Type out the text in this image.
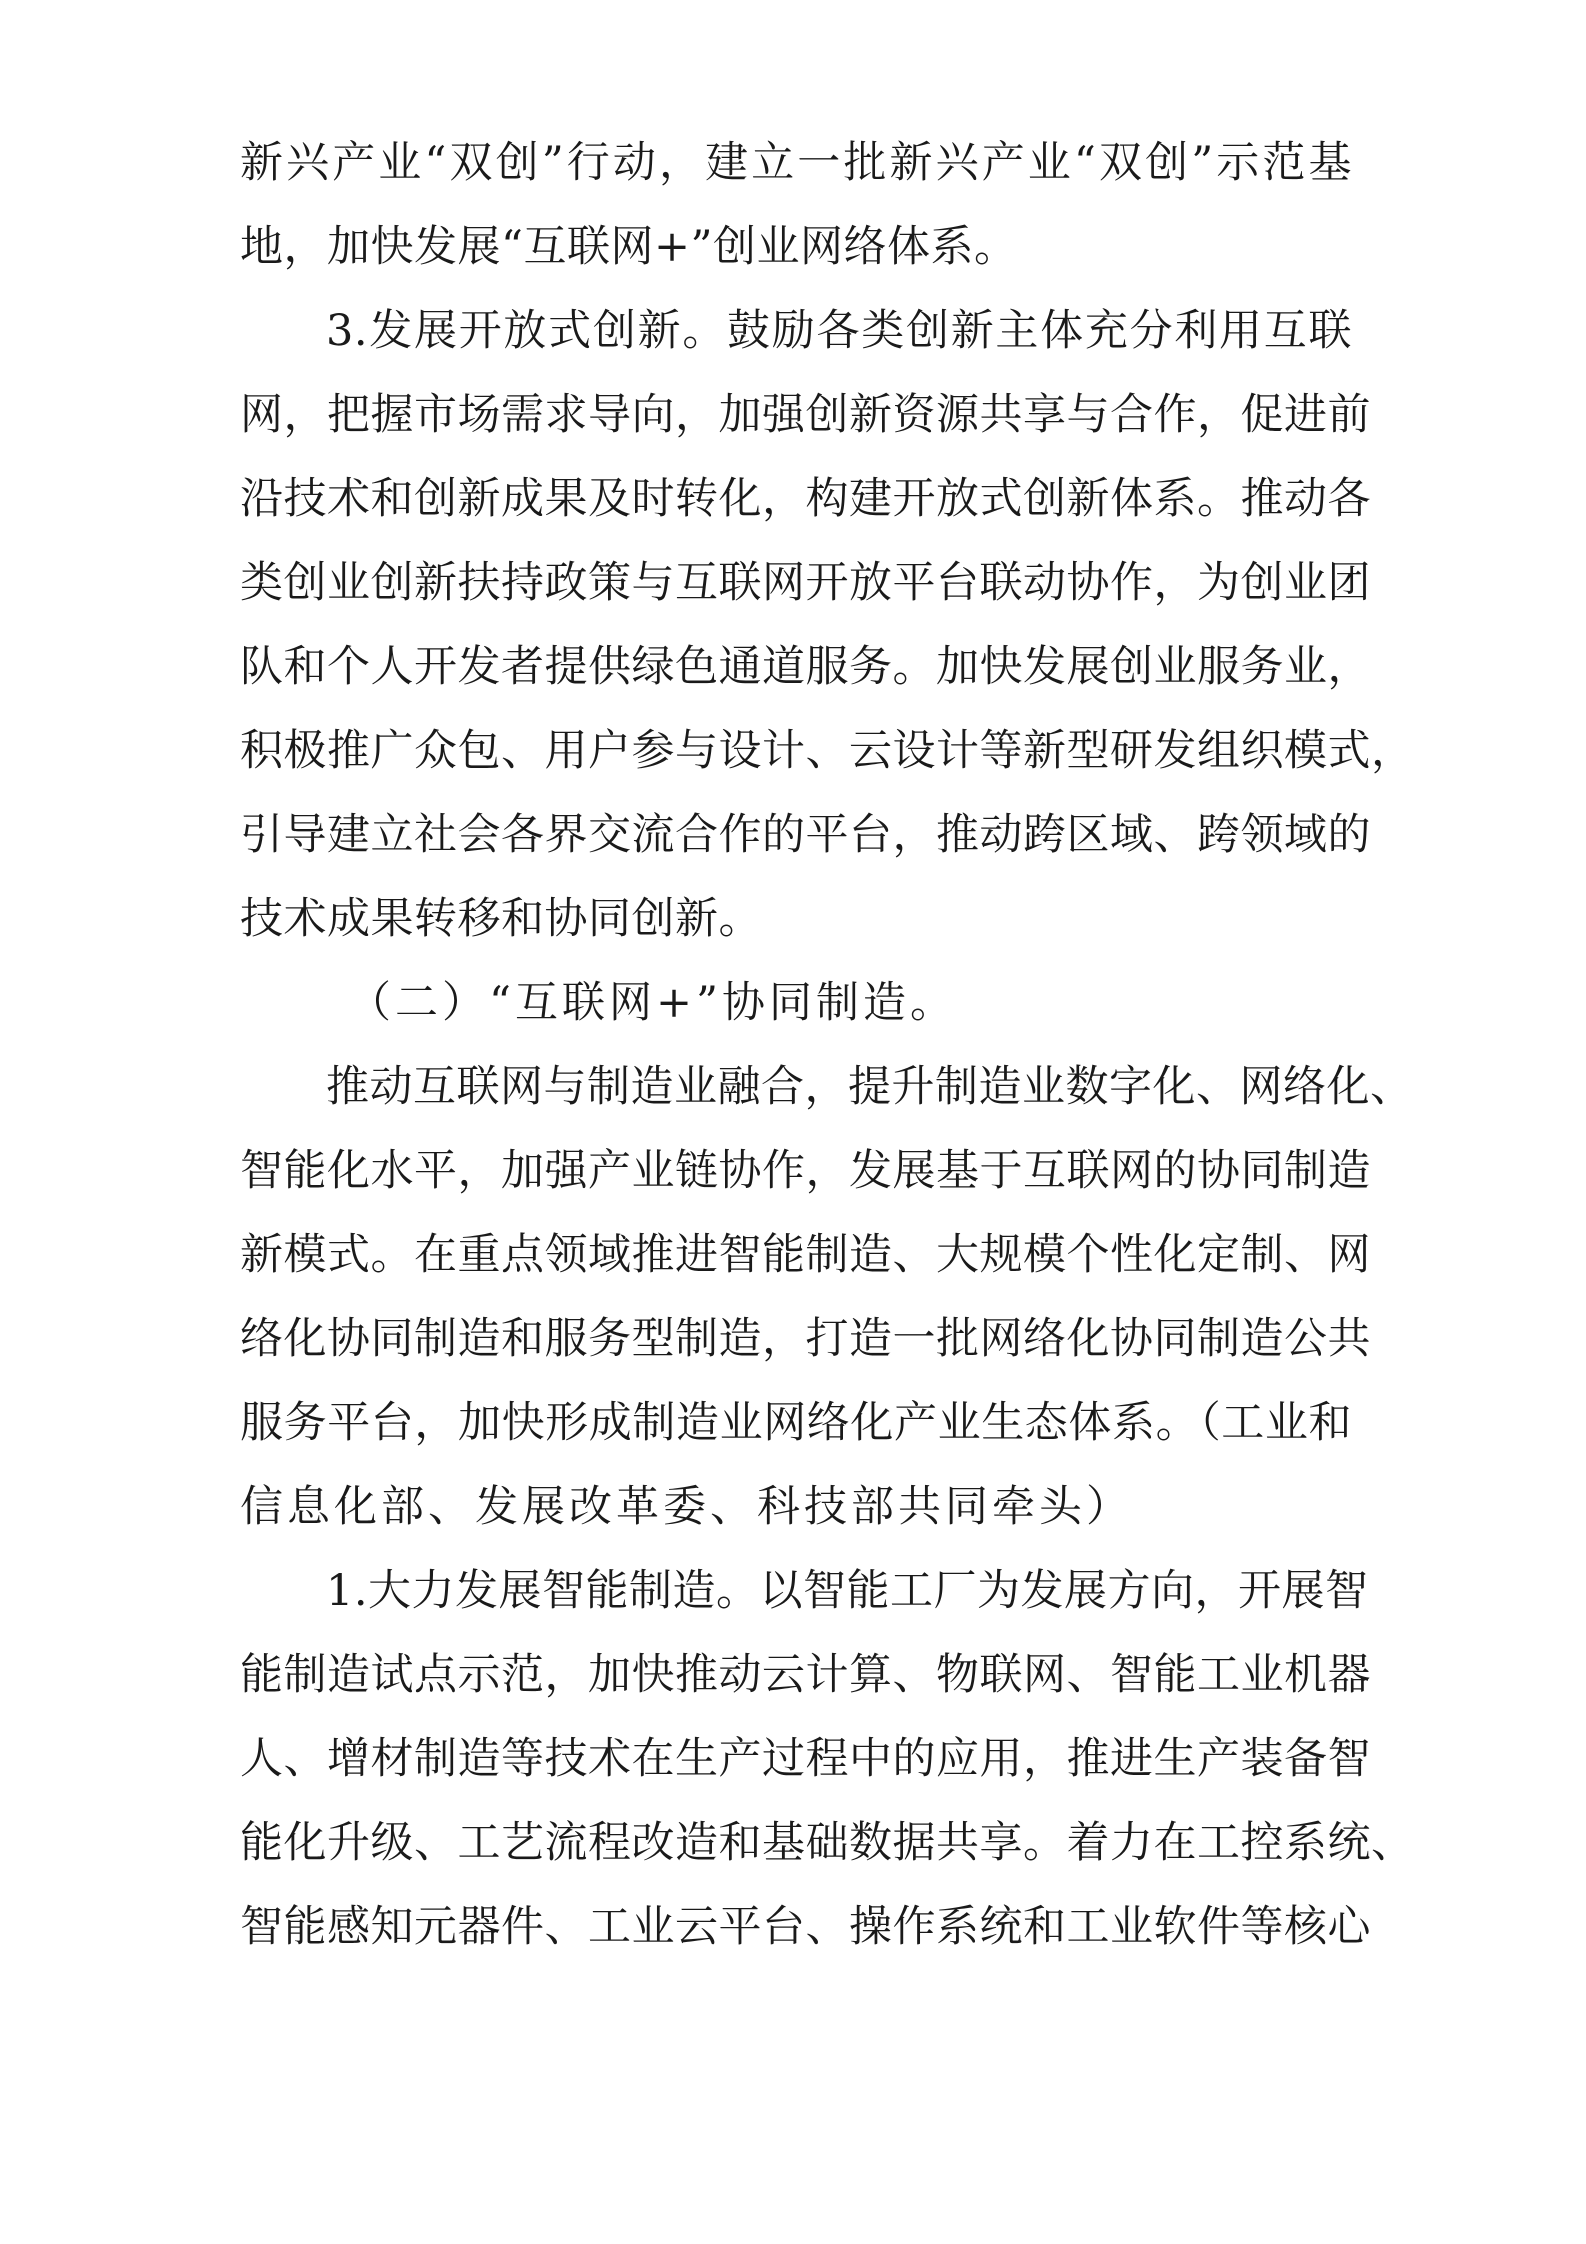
新兴产业“双创”行动，建立一批新兴产业“双创”示范基
地，加快发展“互联网+”创业网络体系。
3.发展开放式创新。鼓励各类创新主体充分利用互联
网，把握市场需求导向，加强创新资源共享与合作，促进前
沿技术和创新成果及时转化，构建开放式创新体系。推动各
类创业创新扶持政策与互联网开放平台联动协作，为创业团
队和个人开发者提供绿色通道服务。加快发展创业服务业，
积极推广众包、用户参与设计、云设计等新型研发组织模式，
引导建立社会各界交流合作的平台，推动跨区域、跨领域的
技术成果转移和协同创新。
（二）“互联网+”协同制造。
推动互联网与制造业融合，提升制造业数字化、网络化、
智能化水平，加强产业链协作，发展基于互联网的协同制造
新模式。在重点领域推进智能制造、大规模个性化定制、网
络化协同制造和服务型制造，打造一批网络化协同制造公共
服务平台，加快形成制造业网络化产业生态体系。（工业和
信息化部、发展改革委、科技部共同牵头）
1.大力发展智能制造。以智能工厂为发展方向，开展智
能制造试点示范，加快推动云计算、物联网、智能工业机器
人、增材制造等技术在生产过程中的应用，推进生产装备智
能化升级、工艺流程改造和基础数据共享。着力在工控系统、
智能感知元器件、工业云平台、操作系统和工业软件等核心
